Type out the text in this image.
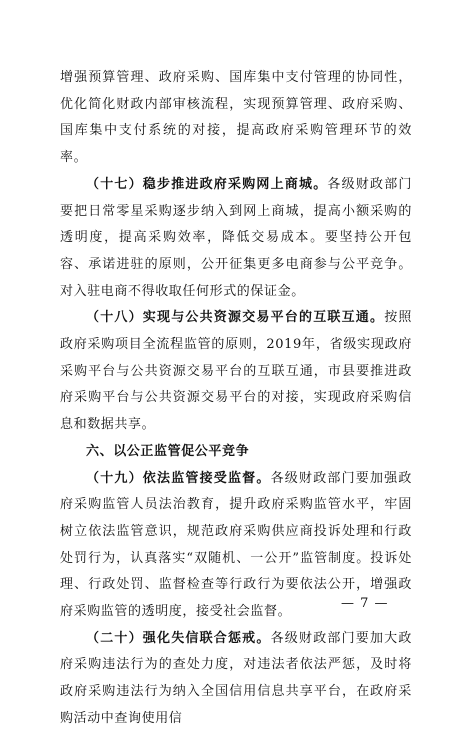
增强预算管理、政府采购、国库集中支付管理的协同性，优化简化财政内部审核流程，实现预算管理、政府采购、国库集中支付系统的对接，提高政府采购管理环节的效率。

（十七）稳步推进政府采购网上商城。各级财政部门要把日常零星采购逐步纳入到网上商城，提高小额采购的透明度，提高采购效率，降低交易成本。要坚持公开包容、承诺进驻的原则，公开征集更多电商参与公平竞争。对入驻电商不得收取任何形式的保证金。

（十八）实现与公共资源交易平台的互联互通。按照政府采购项目全流程监管的原则，2019年，省级实现政府采购平台与公共资源交易平台的互联互通，市县要推进政府采购平台与公共资源交易平台的对接，实现政府采购信息和数据共享。

六、以公正监管促公平竞争

（十九）依法监管接受监督。各级财政部门要加强政府采购监管人员法治教育，提升政府采购监管水平，牢固树立依法监管意识，规范政府采购供应商投诉处理和行政处罚行为，认真落实“双随机、一公开”监管制度。投诉处理、行政处罚、监督检查等行政行为要依法公开，增强政府采购监管的透明度，接受社会监督。

（二十）强化失信联合惩戒。各级财政部门要加大政府采购违法行为的查处力度，对违法者依法严惩，及时将政府采购违法行为纳入全国信用信息共享平台，在政府采购活动中查询使用信

— 7 —
